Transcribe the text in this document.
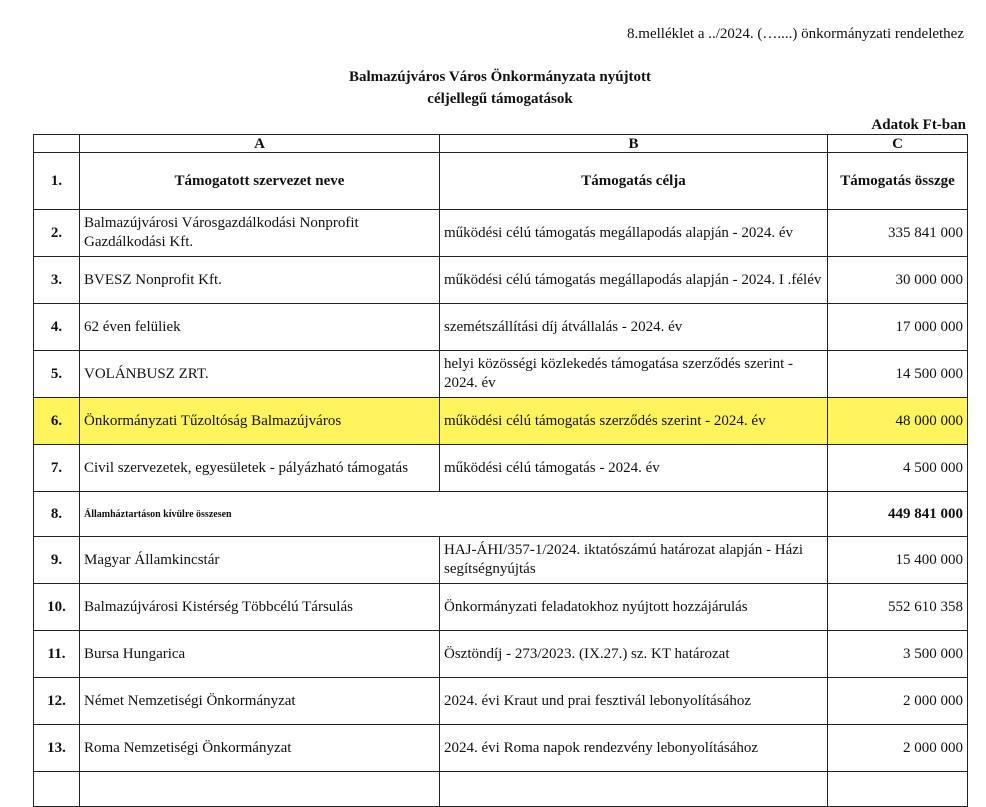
8.melléklet a ../2024. (…....) önkormányzati rendelethez
Balmazújváros Város Önkormányzata nyújtott
céljellegű támogatások
Adatok Ft-ban
	A	B	C
1.	Támogatott szervezet neve	Támogatás célja	Támogatás összge
2.	Balmazújvárosi Városgazdálkodási Nonprofit Gazdálkodási Kft.	működési célú támogatás megállapodás alapján - 2024. év	335 841 000
3.	BVESZ Nonprofit Kft.	működési célú támogatás megállapodás alapján - 2024. I .félév	30 000 000
4.	62 éven felüliek	szemétszállítási díj átvállalás - 2024. év	17 000 000
5.	VOLÁNBUSZ ZRT.	helyi közösségi közlekedés támogatása szerződés szerint - 2024. év	14 500 000
6.	Önkormányzati Tűzoltóság Balmazújváros	működési célú támogatás szerződés szerint - 2024. év	48 000 000
7.	Civil szervezetek, egyesületek - pályázható támogatás	működési célú támogatás - 2024. év	4 500 000
8.	Államháztartáson kívülre összesen		449 841 000
9.	Magyar Államkincstár	HAJ-ÁHI/357-1/2024. iktatószámú határozat alapján - Házi segítségnyújtás	15 400 000
10.	Balmazújvárosi Kistérség Többcélú Társulás	Önkormányzati feladatokhoz nyújtott hozzájárulás	552 610 358
11.	Bursa Hungarica	Ösztöndíj - 273/2023. (IX.27.) sz. KT határozat	3 500 000
12.	Német Nemzetiségi Önkormányzat	2024. évi Kraut und prai fesztivál lebonyolításához	2 000 000
13.	Roma Nemzetiségi Önkormányzat	2024. évi Roma napok rendezvény lebonyolításához	2 000 000
